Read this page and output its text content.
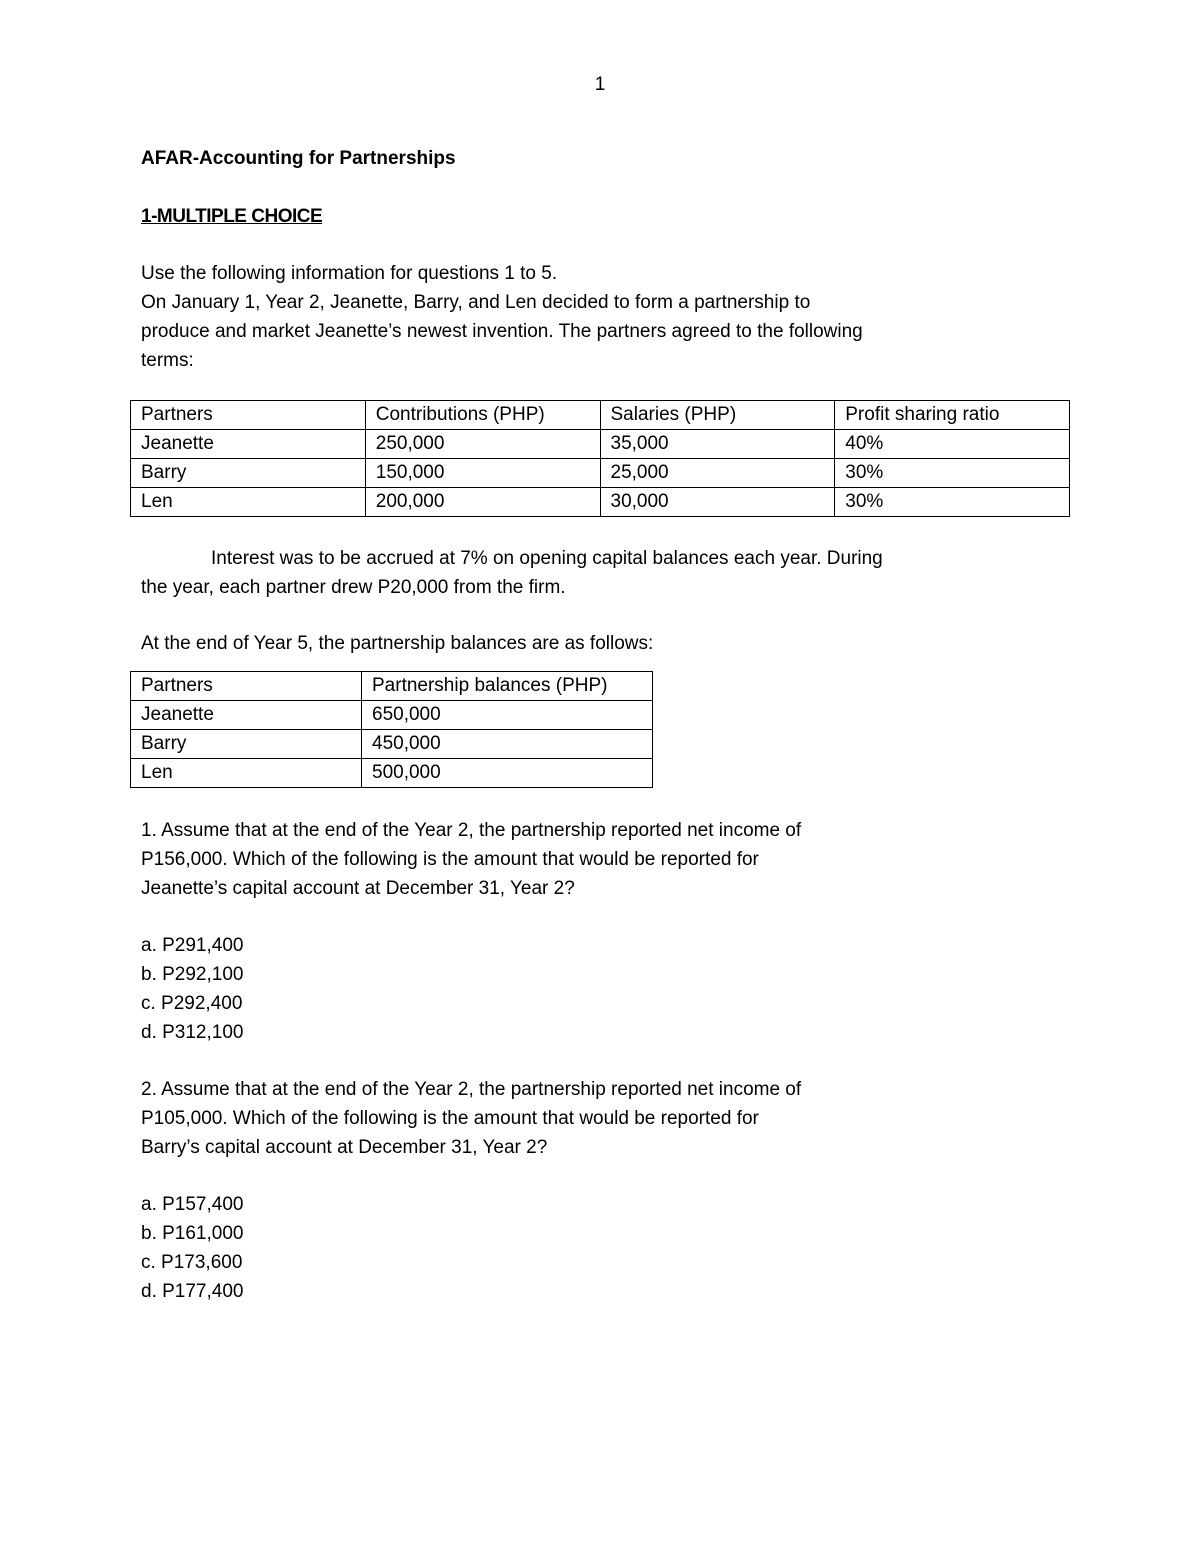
1

AFAR-Accounting for Partnerships

1-MULTIPLE CHOICE

Use the following information for questions 1 to 5.

On January 1, Year 2, Jeanette, Barry, and Len decided to form a partnership to

produce and market Jeanette’s newest invention. The partners agreed to the following

terms:

Partners	Contributions (PHP)	Salaries (PHP)	Profit sharing ratio
Jeanette	250,000	35,000	40%
Barry	150,000	25,000	30%
Len	200,000	30,000	30%

Interest was to be accrued at 7% on opening capital balances each year. During

the year, each partner drew P20,000 from the firm.

At the end of Year 5, the partnership balances are as follows:

Partners	Partnership balances (PHP)
Jeanette	650,000
Barry	450,000
Len	500,000

1. Assume that at the end of the Year 2, the partnership reported net income of

P156,000. Which of the following is the amount that would be reported for

Jeanette’s capital account at December 31, Year 2?

a. P291,400
b. P292,100
c. P292,400
d. P312,100

2. Assume that at the end of the Year 2, the partnership reported net income of

P105,000. Which of the following is the amount that would be reported for

Barry’s capital account at December 31, Year 2?

a. P157,400
b. P161,000
c. P173,600
d. P177,400
